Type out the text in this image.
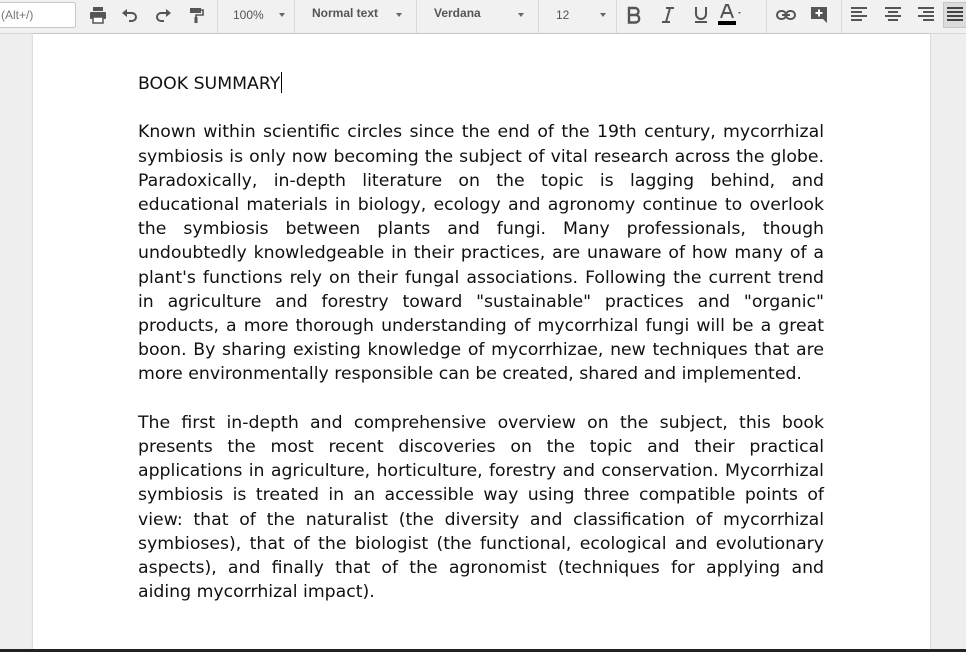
(Alt+/)	100%	Normal text	Verdana	12
BOOK SUMMARY

Known within scientific circles since the end of the 19th century, mycorrhizal symbiosis is only now becoming the subject of vital research across the globe. Paradoxically, in-depth literature on the topic is lagging behind, and educational materials in biology, ecology and agronomy continue to overlook the symbiosis between plants and fungi. Many professionals, though undoubtedly knowledgeable in their practices, are unaware of how many of a plant's functions rely on their fungal associations. Following the current trend in agriculture and forestry toward "sustainable" practices and "organic" products, a more thorough understanding of mycorrhizal fungi will be a great boon. By sharing existing knowledge of mycorrhizae, new techniques that are more environmentally responsible can be created, shared and implemented.

The first in-depth and comprehensive overview on the subject, this book presents the most recent discoveries on the topic and their practical applications in agriculture, horticulture, forestry and conservation. Mycorrhizal symbiosis is treated in an accessible way using three compatible points of view: that of the naturalist (the diversity and classification of mycorrhizal symbioses), that of the biologist (the functional, ecological and evolutionary aspects), and finally that of the agronomist (techniques for applying and aiding mycorrhizal impact).
